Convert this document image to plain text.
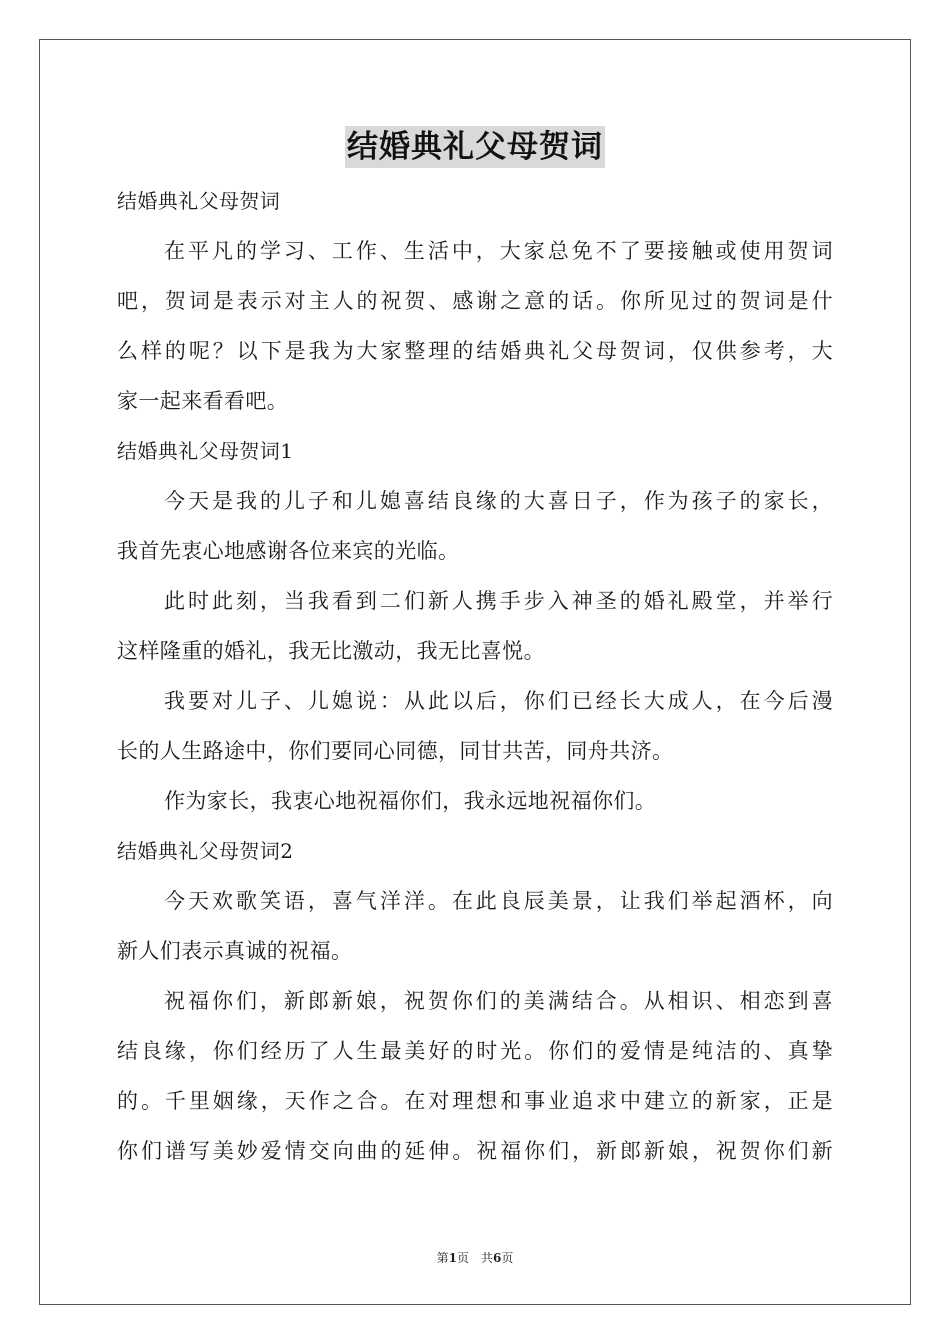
结婚典礼父母贺词
结婚典礼父母贺词
在平凡的学习、工作、生活中，大家总免不了要接触或使用贺词
吧，贺词是表示对主人的祝贺、感谢之意的话。你所见过的贺词是什
么样的呢？以下是我为大家整理的结婚典礼父母贺词，仅供参考，大
家一起来看看吧。
结婚典礼父母贺词1
今天是我的儿子和儿媳喜结良缘的大喜日子，作为孩子的家长，
我首先衷心地感谢各位来宾的光临。
此时此刻，当我看到二们新人携手步入神圣的婚礼殿堂，并举行
这样隆重的婚礼，我无比激动，我无比喜悦。
我要对儿子、儿媳说：从此以后，你们已经长大成人，在今后漫
长的人生路途中，你们要同心同德，同甘共苦，同舟共济。
作为家长，我衷心地祝福你们，我永远地祝福你们。
结婚典礼父母贺词2
今天欢歌笑语，喜气洋洋。在此良辰美景，让我们举起酒杯，向
新人们表示真诚的祝福。
祝福你们，新郎新娘，祝贺你们的美满结合。从相识、相恋到喜
结良缘，你们经历了人生最美好的时光。你们的爱情是纯洁的、真挚
的。千里姻缘，天作之合。在对理想和事业追求中建立的新家，正是
你们谱写美妙爱情交向曲的延伸。祝福你们，新郎新娘，祝贺你们新
第1页　共6页
